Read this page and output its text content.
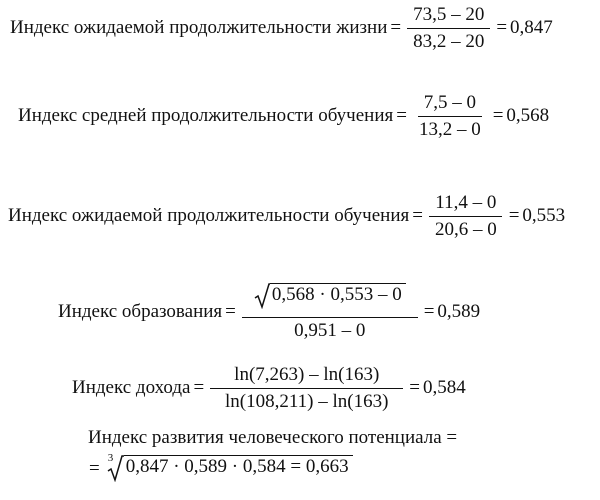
Индекс ожидаемой продолжительности жизни = $\frac{73,5 - 20}{83,2 - 20} = 0,847$
Индекс средней продолжительности обучения = $\frac{7,5 - 0}{13,2 - 0} = 0,568$
Индекс ожидаемой продолжительности обучения = $\frac{11,4 - 0}{20,6 - 0} = 0,553$
Индекс образования = $\frac{0,568 \cdot 0,553 - 0}{0,951 - 0} = 0,589$
Индекс дохода = $\frac{\ln(7,263) - \ln(163)}{\ln(108,211) - \ln(163)} = 0,584$
Индекс развития человеческого потенциала =
= 3 0,847 · 0,589 · 0,584 = 0,663
